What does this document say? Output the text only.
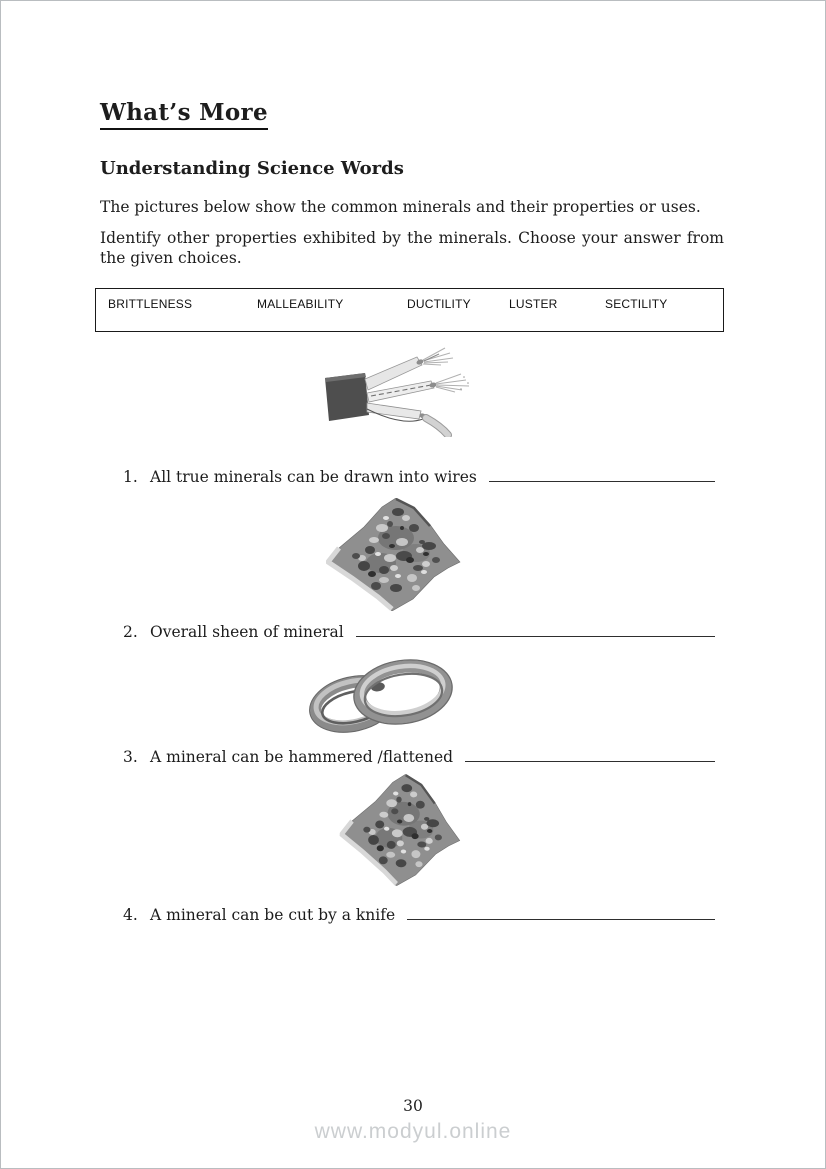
What’s More
Understanding Science Words

The pictures below show the common minerals and their properties or uses.

Identify other properties exhibited by the minerals. Choose your answer from the given choices.

BRITTLENESS	MALLEABILITY	DUCTILITY	LUSTER	SECTILITY
1. All true minerals can be drawn into wires
2. Overall sheen of mineral
3. A mineral can be hammered /flattened
4. A mineral can be cut by a knife

30

www.modyul.online
